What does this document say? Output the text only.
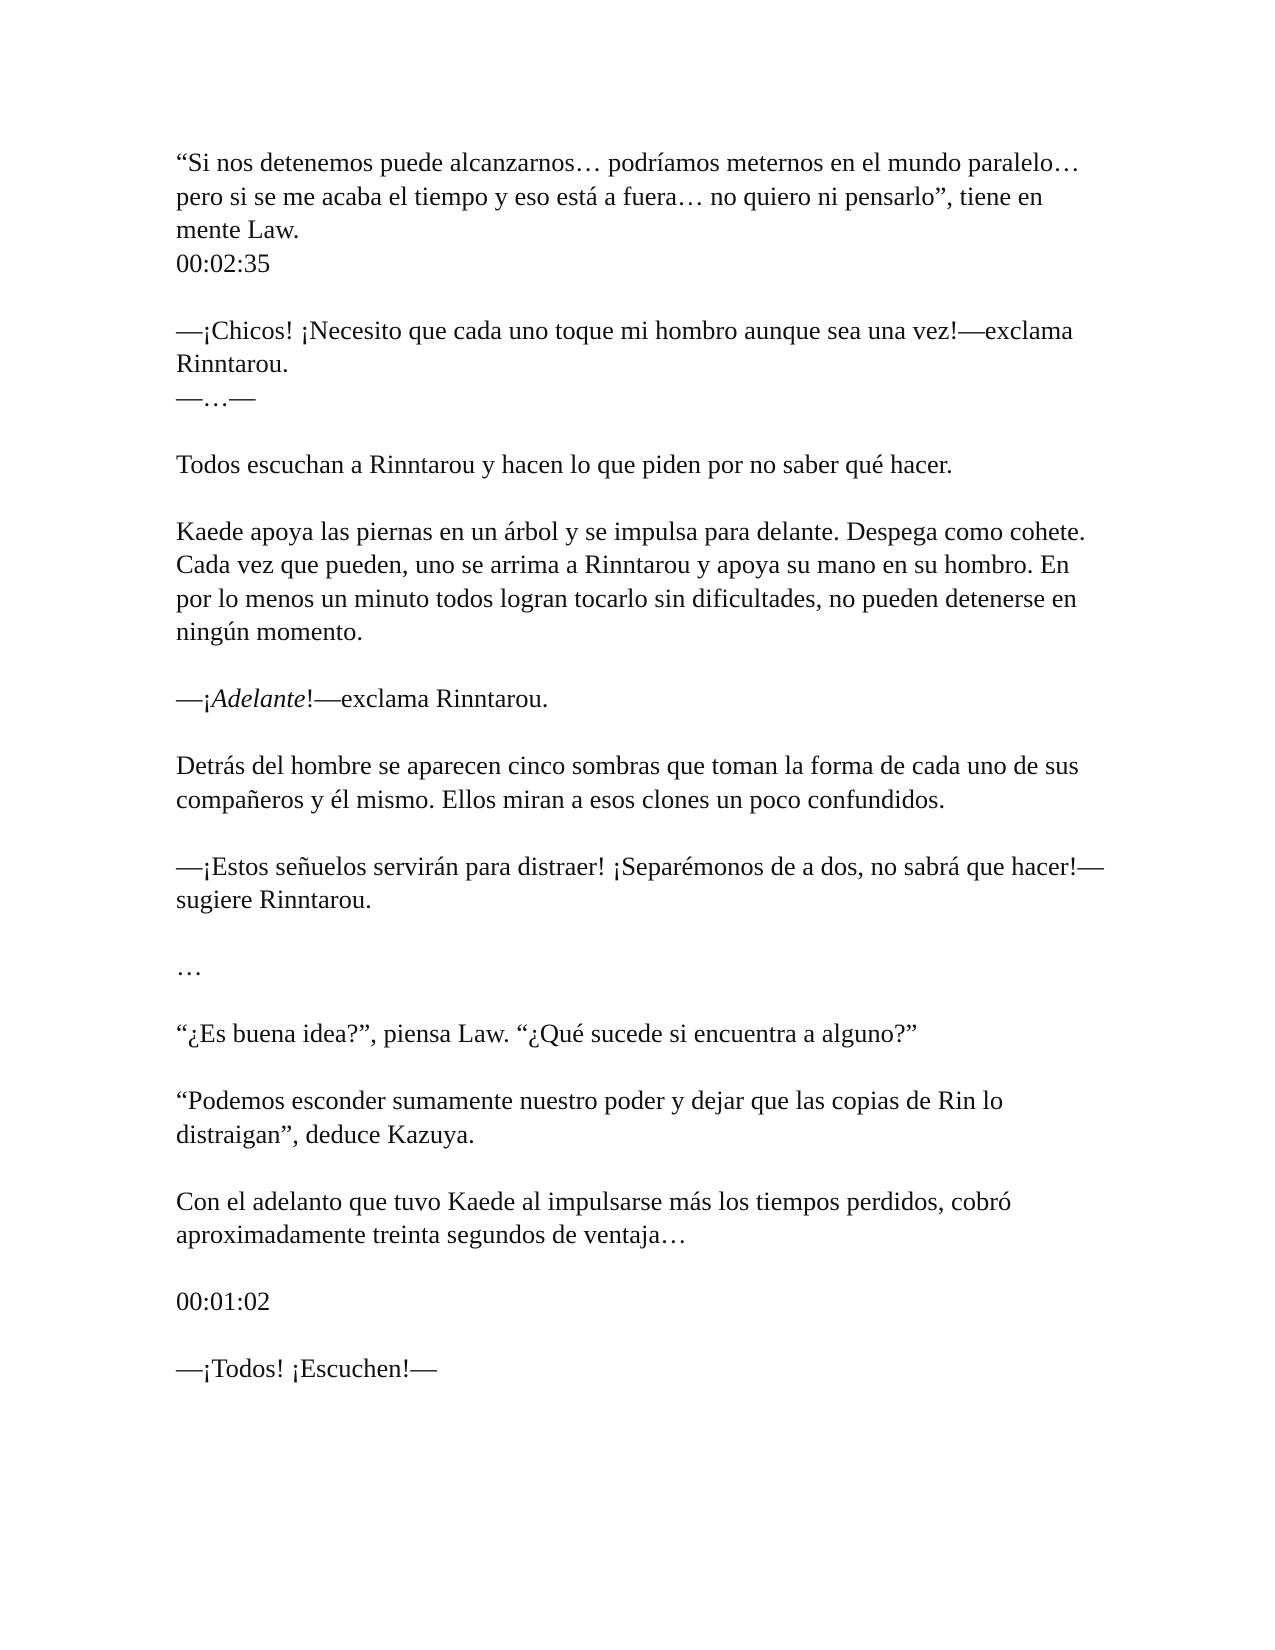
“Si nos detenemos puede alcanzarnos… podríamos meternos en el mundo paralelo… pero si se me acaba el tiempo y eso está a fuera… no quiero ni pensarlo”, tiene en mente Law.

00:02:35

—¡Chicos! ¡Necesito que cada uno toque mi hombro aunque sea una vez!—exclama Rinntarou.

—…—

Todos escuchan a Rinntarou y hacen lo que piden por no saber qué hacer.

Kaede apoya las piernas en un árbol y se impulsa para delante. Despega como cohete.

Cada vez que pueden, uno se arrima a Rinntarou y apoya su mano en su hombro. En por lo menos un minuto todos logran tocarlo sin dificultades, no pueden detenerse en ningún momento.

—¡Adelante!—exclama Rinntarou.

Detrás del hombre se aparecen cinco sombras que toman la forma de cada uno de sus compañeros y él mismo. Ellos miran a esos clones un poco confundidos.

—¡Estos señuelos servirán para distraer! ¡Separémonos de a dos, no sabrá que hacer!—sugiere Rinntarou.

…

“¿Es buena idea?”, piensa Law. “¿Qué sucede si encuentra a alguno?”

“Podemos esconder sumamente nuestro poder y dejar que las copias de Rin lo distraigan”, deduce Kazuya.

Con el adelanto que tuvo Kaede al impulsarse más los tiempos perdidos, cobró aproximadamente treinta segundos de ventaja…

00:01:02

—¡Todos! ¡Escuchen!—
